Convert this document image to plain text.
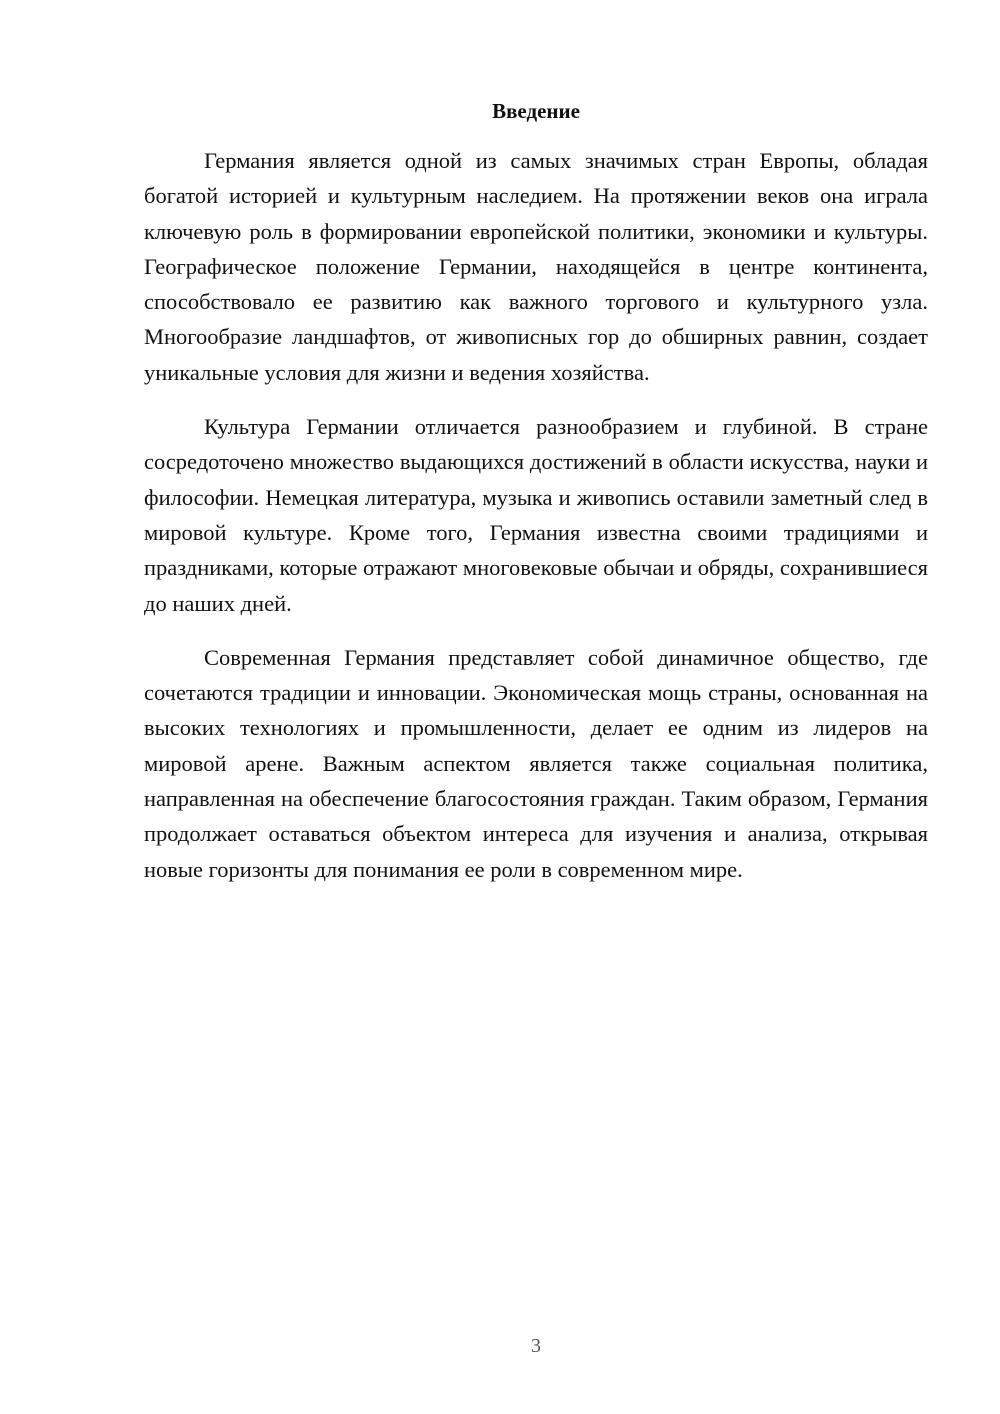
Введение

Германия является одной из самых значимых стран Европы, обладая богатой историей и культурным наследием. На протяжении веков она играла ключевую роль в формировании европейской политики, экономики и культуры. Географическое положение Германии, находящейся в центре континента, способствовало ее развитию как важного торгового и культурного узла. Многообразие ландшафтов, от живописных гор до обширных равнин, создает уникальные условия для жизни и ведения хозяйства.

Культура Германии отличается разнообразием и глубиной. В стране сосредоточено множество выдающихся достижений в области искусства, науки и философии. Немецкая литература, музыка и живопись оставили заметный след в мировой культуре. Кроме того, Германия известна своими традициями и праздниками, которые отражают многовековые обычаи и обряды, сохранившиеся до наших дней.

Современная Германия представляет собой динамичное общество, где сочетаются традиции и инновации. Экономическая мощь страны, основанная на высоких технологиях и промышленности, делает ее одним из лидеров на мировой арене. Важным аспектом является также социальная политика, направленная на обеспечение благосостояния граждан. Таким образом, Германия продолжает оставаться объектом интереса для изучения и анализа, открывая новые горизонты для понимания ее роли в современном мире.

3
